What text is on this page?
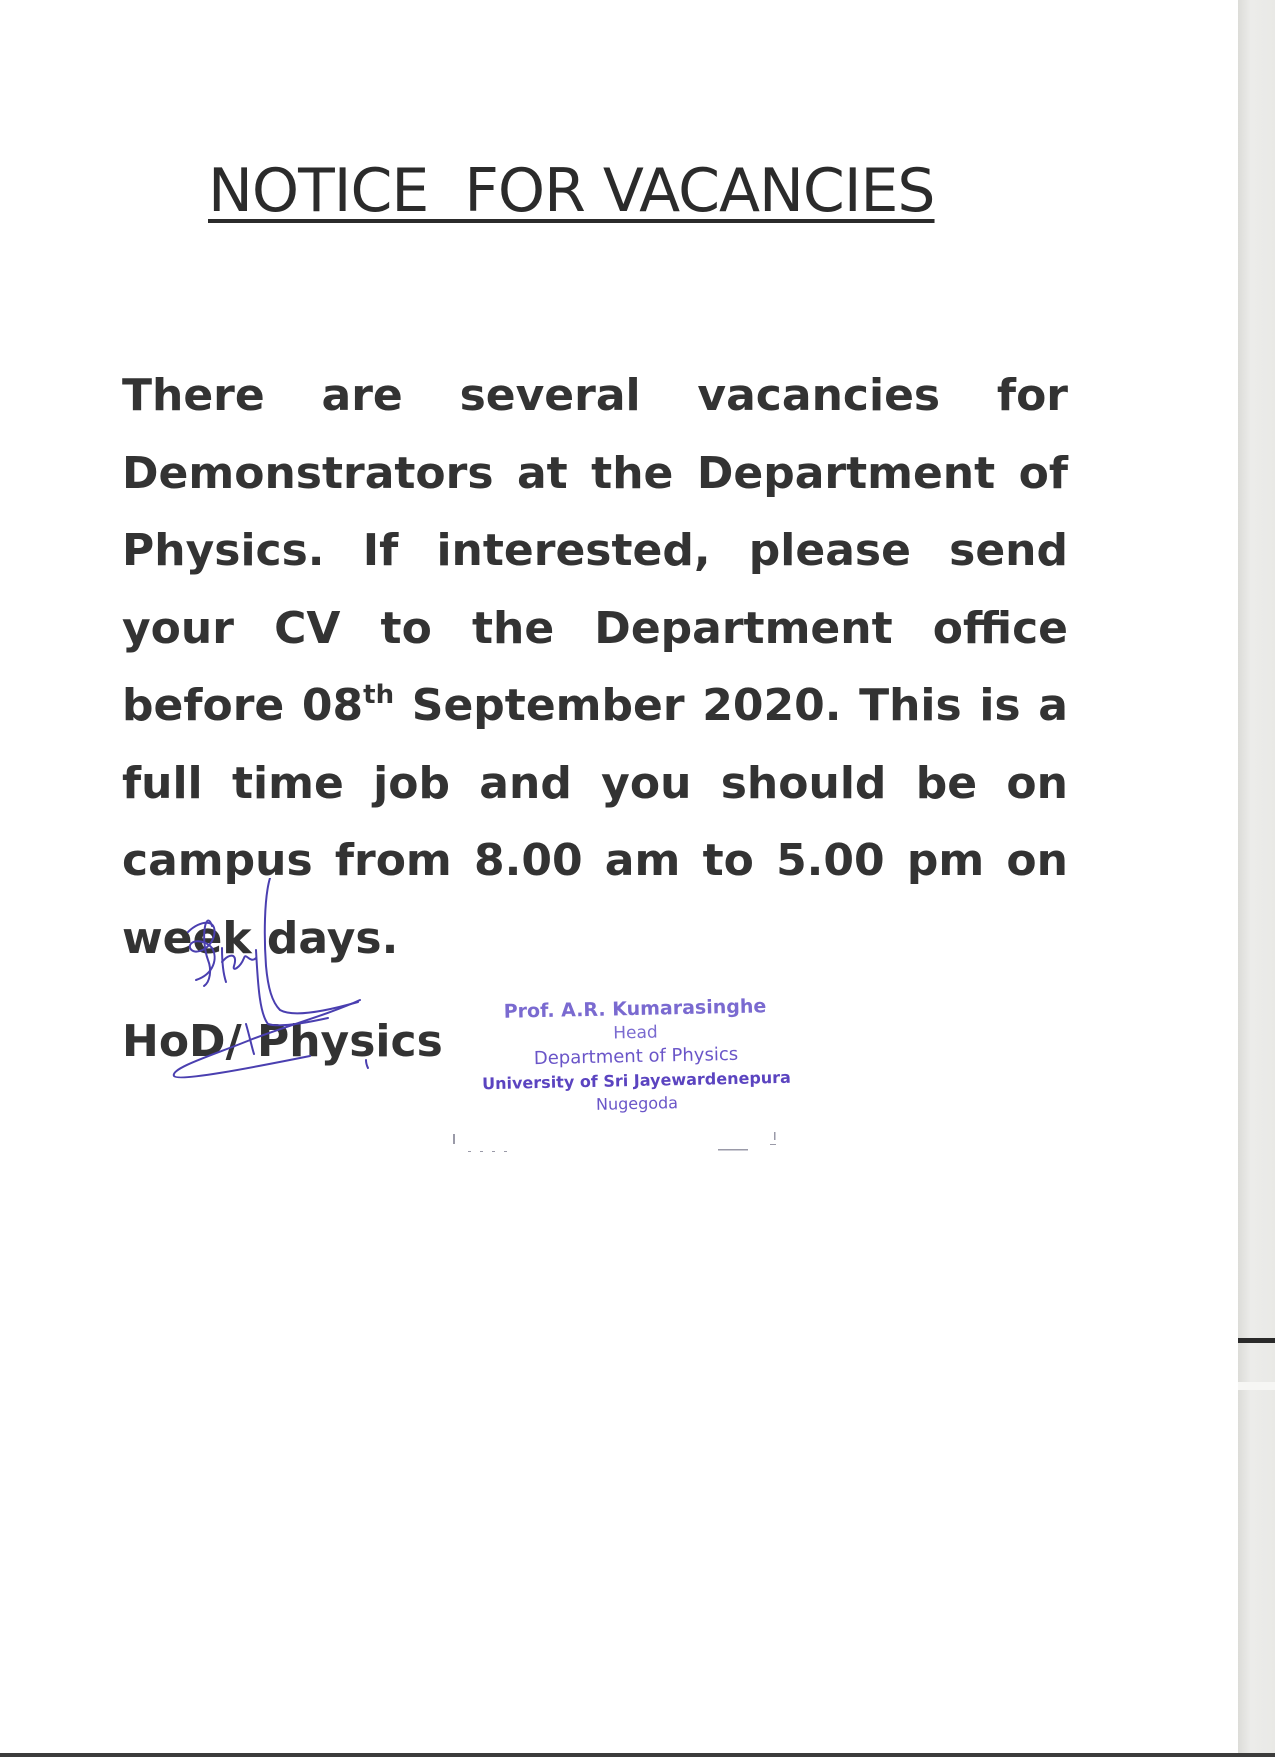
NOTICE  FOR VACANCIES

There are several vacancies for Demonstrators at the Department of Physics. If interested, please send your CV to the Department office before 08th September 2020. This is a full time job and you should be on campus from 8.00 am to 5.00 pm on week days.

HoD/ Physics
Prof. A.R. Kumarasinghe
Head
Department of Physics
University of Sri Jayewardenepura
Nugegoda
